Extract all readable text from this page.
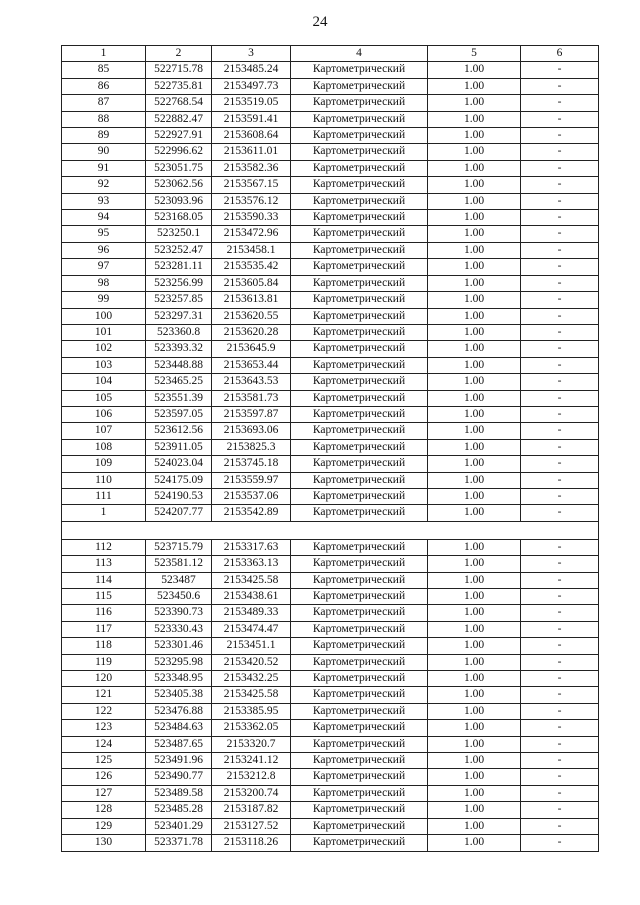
24
1	2	3	4	5	6
85	522715.78	2153485.24	Картометрический	1.00	-
86	522735.81	2153497.73	Картометрический	1.00	-
87	522768.54	2153519.05	Картометрический	1.00	-
88	522882.47	2153591.41	Картометрический	1.00	-
89	522927.91	2153608.64	Картометрический	1.00	-
90	522996.62	2153611.01	Картометрический	1.00	-
91	523051.75	2153582.36	Картометрический	1.00	-
92	523062.56	2153567.15	Картометрический	1.00	-
93	523093.96	2153576.12	Картометрический	1.00	-
94	523168.05	2153590.33	Картометрический	1.00	-
95	523250.1	2153472.96	Картометрический	1.00	-
96	523252.47	2153458.1	Картометрический	1.00	-
97	523281.11	2153535.42	Картометрический	1.00	-
98	523256.99	2153605.84	Картометрический	1.00	-
99	523257.85	2153613.81	Картометрический	1.00	-
100	523297.31	2153620.55	Картометрический	1.00	-
101	523360.8	2153620.28	Картометрический	1.00	-
102	523393.32	2153645.9	Картометрический	1.00	-
103	523448.88	2153653.44	Картометрический	1.00	-
104	523465.25	2153643.53	Картометрический	1.00	-
105	523551.39	2153581.73	Картометрический	1.00	-
106	523597.05	2153597.87	Картометрический	1.00	-
107	523612.56	2153693.06	Картометрический	1.00	-
108	523911.05	2153825.3	Картометрический	1.00	-
109	524023.04	2153745.18	Картометрический	1.00	-
110	524175.09	2153559.97	Картометрический	1.00	-
111	524190.53	2153537.06	Картометрический	1.00	-
1	524207.77	2153542.89	Картометрический	1.00	-

112	523715.79	2153317.63	Картометрический	1.00	-
113	523581.12	2153363.13	Картометрический	1.00	-
114	523487	2153425.58	Картометрический	1.00	-
115	523450.6	2153438.61	Картометрический	1.00	-
116	523390.73	2153489.33	Картометрический	1.00	-
117	523330.43	2153474.47	Картометрический	1.00	-
118	523301.46	2153451.1	Картометрический	1.00	-
119	523295.98	2153420.52	Картометрический	1.00	-
120	523348.95	2153432.25	Картометрический	1.00	-
121	523405.38	2153425.58	Картометрический	1.00	-
122	523476.88	2153385.95	Картометрический	1.00	-
123	523484.63	2153362.05	Картометрический	1.00	-
124	523487.65	2153320.7	Картометрический	1.00	-
125	523491.96	2153241.12	Картометрический	1.00	-
126	523490.77	2153212.8	Картометрический	1.00	-
127	523489.58	2153200.74	Картометрический	1.00	-
128	523485.28	2153187.82	Картометрический	1.00	-
129	523401.29	2153127.52	Картометрический	1.00	-
130	523371.78	2153118.26	Картометрический	1.00	-
